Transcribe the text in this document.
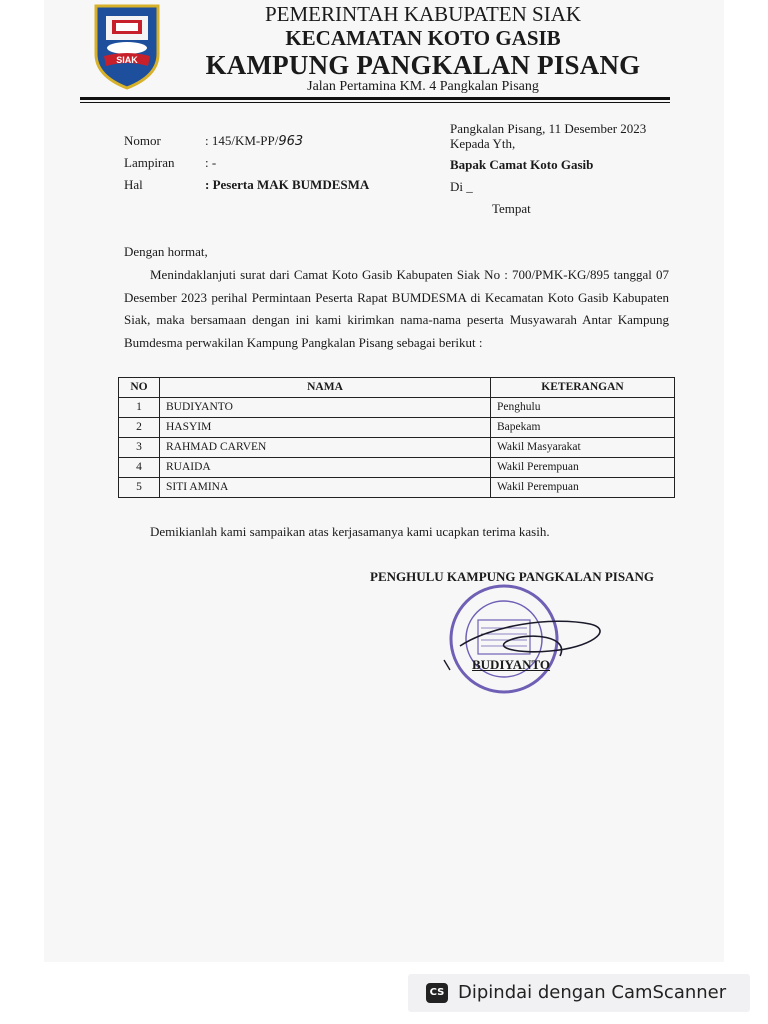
SIAK
PEMERINTAH KABUPATEN SIAK
KECAMATAN KOTO GASIB
KAMPUNG PANGKALAN PISANG
Jalan Pertamina KM. 4 Pangkalan Pisang
Nomor	: 145/KM-PP/963
Lampiran : -
Hal	: Peserta MAK BUMDESMA
Pangkalan Pisang, 11 Desember 2023
Kepada Yth,
Bapak Camat Koto Gasib
Di _
Tempat
Dengan hormat,
Menindaklanjuti surat dari Camat Koto Gasib Kabupaten Siak No : 700/PMK-KG/895 tanggal 07 Desember 2023 perihal Permintaan Peserta Rapat BUMDESMA di Kecamatan Koto Gasib Kabupaten Siak, maka bersamaan dengan ini kami kirimkan nama-nama peserta Musyawarah Antar Kampung Bumdesma perwakilan Kampung Pangkalan Pisang sebagai berikut :
NO	NAMA	KETERANGAN
1	BUDIYANTO	Penghulu
2	HASYIM	Bapekam
3	RAHMAD CARVEN	Wakil Masyarakat
4	RUAIDA	Wakil Perempuan
5	SITI AMINA	Wakil Perempuan
Demikianlah kami sampaikan atas kerjasamanya kami ucapkan terima kasih.
PENGHULU KAMPUNG PANGKALAN PISANG
BUDIYANTO
CS Dipindai dengan CamScanner
